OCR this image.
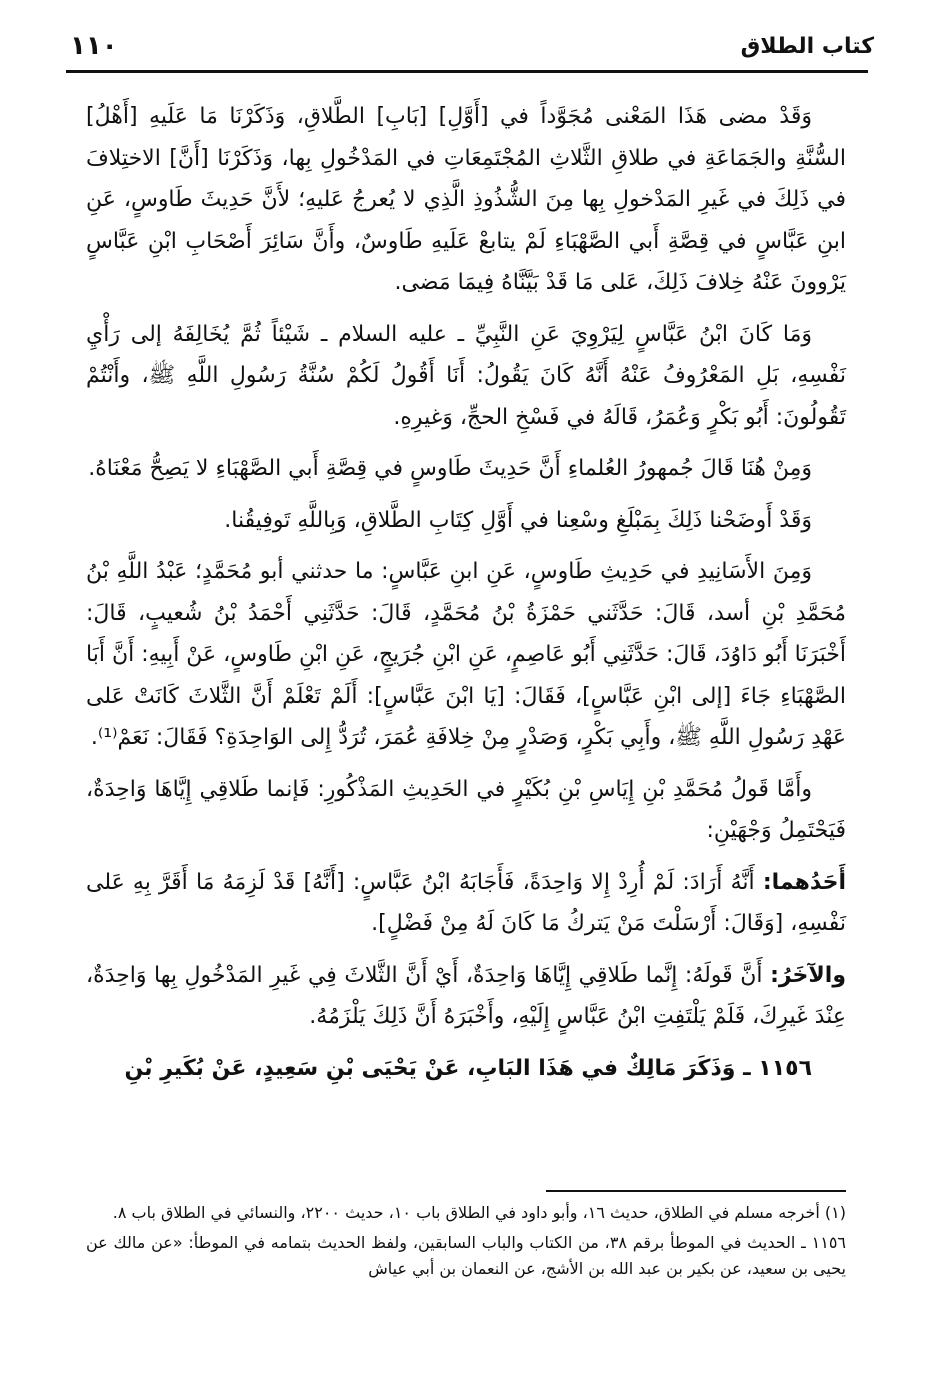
كتاب الطلاق
١١٠

وَقَدْ مضى هَذَا المَعْنى مُجَوَّداً في [أَوَّلِ] [بَابِ] الطَّلاقِ، وَذَكَرْنَا مَا عَلَيهِ [أَهْلُ] السُّنَّةِ والجَمَاعَةِ في طلاقِ الثَّلاثِ المُجْتَمِعَاتِ في المَدْخُولِ بِها، وَذَكَرْنَا [أَنَّ] الاختِلافَ في ذَلِكَ في غَيرِ المَدْخولِ بِها مِنَ الشُّذُوذِ الَّذِي لا يُعرجُ عَليهِ؛ لأَنَّ حَدِيثَ طَاوسٍ، عَنِ ابنِ عَبَّاسٍ في قِصَّةِ أَبي الصَّهْبَاءِ لَمْ يتابعْ عَلَيهِ طَاوسٌ، وأَنَّ سَائِرَ أَصْحَابِ ابْنِ عَبَّاسٍ يَرْوونَ عَنْهُ خِلافَ ذَلِكَ، عَلى مَا قَدْ بَيَّنَّاهُ فِيمَا مَضى.

وَمَا كَانَ ابْنُ عَبَّاسٍ لِيَرْوِيَ عَنِ النَّبِيِّ ـ عليه السلام ـ شَيْئاً ثُمَّ يُخَالِفَهُ إلى رَأْيِ نَفْسِهِ، بَلِ المَعْرُوفُ عَنْهُ أَنَّهُ كَانَ يَقُولُ: أَنَا أَقُولُ لَكُمْ سُنَّةُ رَسُولِ اللَّهِ ﷺ، وأَنْتُمْ تَقُولُونَ: أَبُو بَكْرٍ وَعُمَرُ، قَالَهُ في فَسْخِ الحجِّ، وَغيرِهِ.

وَمِنْ هُنَا قَالَ جُمهورُ العُلماءِ أَنَّ حَدِيثَ طَاوسٍ في قِصَّةِ أَبي الصَّهْبَاءِ لا يَصِحُّ مَعْنَاهُ.

وَقَدْ أَوضَحْنا ذَلِكَ بِمَبْلَغِ وسْعِنا في أَوَّلِ كِتَابِ الطَّلاقِ، وَبِاللَّهِ تَوفِيقُنا.

وَمِنَ الأَسَانِيدِ في حَدِيثِ طَاوسٍ، عَنِ ابنِ عَبَّاسٍ: ما حدثني أبو مُحَمَّدٍ؛ عَبْدُ اللَّهِ بْنُ مُحَمَّدِ بْنِ أسد، قَالَ: حَدَّثَني حَمْزَةُ بْنُ مُحَمَّدٍ، قَالَ: حَدَّثَنِي أَحْمَدُ بْنُ شُعيبٍ، قَالَ: أَخْبَرَنَا أَبُو دَاوُدَ، قَالَ: حَدَّثَنِي أَبُو عَاصِمٍ، عَنِ ابْنِ جُرَيجٍ، عَنِ ابْنِ طَاوسٍ، عَنْ أَبِيهِ: أَنَّ أَبَا الصَّهْبَاءِ جَاءَ [إلى ابْنِ عَبَّاسٍ]، فَقَالَ: [يَا ابْنَ عَبَّاسٍ]: أَلَمْ تَعْلَمْ أَنَّ الثَّلاثَ كَانَتْ عَلى عَهْدِ رَسُولِ اللَّهِ ﷺ، وأَبِي بَكْرٍ، وَصَدْرٍ مِنْ خِلافَةِ عُمَرَ، تُرَدُّ إِلى الوَاحِدَةِ؟ فَقَالَ: نَعَمْ⁽¹⁾.

وأَمَّا قَولُ مُحَمَّدِ بْنِ إِيَاسِ بْنِ بُكَيْرٍ في الحَدِيثِ المَذْكُورِ: فَإنما طَلاقِي إِيَّاهَا وَاحِدَةٌ، فَيَحْتَمِلُ وَجْهَيْنِ:

أَحَدُهما: أَنَّهُ أَرَادَ: لَمْ أُرِدْ إِلا وَاحِدَةً، فَأَجَابَهُ ابْنُ عَبَّاسٍ: [أَنَّهُ] قَدْ لَزِمَهُ مَا أَقَرَّ بِهِ عَلى نَفْسِهِ، [وَقَالَ: أَرْسَلْتَ مَنْ يَتركُ مَا كَانَ لَهُ مِنْ فَضْلٍ].

والآخَرُ: أَنَّ قَولَهُ: إِنَّما طَلاقِي إِيَّاهَا وَاحِدَةٌ، أَيْ أَنَّ الثَّلاثَ فِي غَيرِ المَدْخُولِ بِها وَاحِدَةٌ، عِنْدَ غَيرِكَ، فَلَمْ يَلْتَفِتِ ابْنُ عَبَّاسٍ إِلَيْهِ، وأَخْبَرَهُ أَنَّ ذَلِكَ يَلْزَمُهُ.

١١٥٦ ـ وَذَكَرَ مَالِكٌ في هَذَا البَابِ، عَنْ يَحْيَى بْنِ سَعِيدٍ، عَنْ بُكَيرِ بْنِ

(١) أخرجه مسلم في الطلاق، حديث ١٦، وأبو داود في الطلاق باب ١٠، حديث ٢٢٠٠، والنسائي في الطلاق باب ٨.

١١٥٦ ـ الحديث في الموطأ برقم ٣٨، من الكتاب والباب السابقين، ولفظ الحديث بتمامه في الموطأ: «عن مالك عن يحيى بن سعيد، عن بكير بن عبد الله بن الأشج، عن النعمان بن أبي عياش
